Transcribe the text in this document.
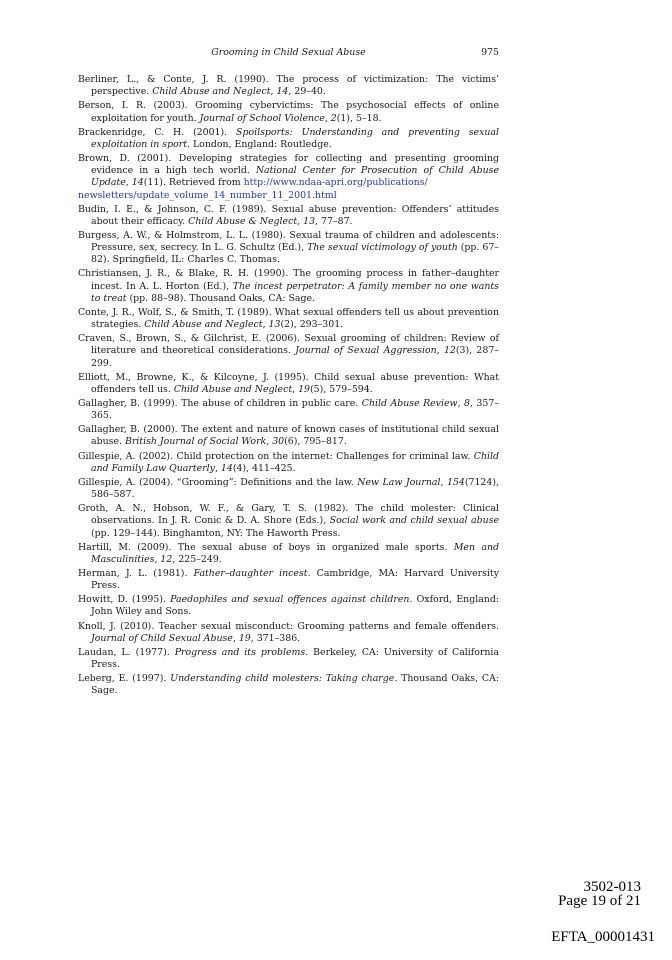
Grooming in Child Sexual Abuse	975

Berliner, L., & Conte, J. R. (1990). The process of victimization: The victims’ perspective. Child Abuse and Neglect, 14, 29–40.

Berson, I. R. (2003). Grooming cybervictims: The psychosocial effects of online exploitation for youth. Journal of School Violence, 2(1), 5–18.

Brackenridge, C. H. (2001). Spoilsports: Understanding and preventing sexual exploitation in sport. London, England: Routledge.

Brown, D. (2001). Developing strategies for collecting and presenting grooming evidence in a high tech world. National Center for Prosecution of Child Abuse Update, 14(11). Retrieved from http://www.ndaa-apri.org/publications/
newsletters/update_volume_14_number_11_2001.html

Budin, I. E., & Johnson, C. F. (1989). Sexual abuse prevention: Offenders’ attitudes about their efficacy. Child Abuse & Neglect, 13, 77–87.

Burgess, A. W., & Holmstrom, L. L. (1980). Sexual trauma of children and adolescents: Pressure, sex, secrecy. In L. G. Schultz (Ed.), The sexual victimology of youth (pp. 67–82). Springfield, IL: Charles C. Thomas.

Christiansen, J. R., & Blake, R. H. (1990). The grooming process in father–daughter incest. In A. L. Horton (Ed.), The incest perpetrator: A family member no one wants to treat (pp. 88–98). Thousand Oaks, CA: Sage.

Conte, J. R., Wolf, S., & Smith, T. (1989). What sexual offenders tell us about prevention strategies. Child Abuse and Neglect, 13(2), 293–301.

Craven, S., Brown, S., & Gilchrist, E. (2006). Sexual grooming of children: Review of literature and theoretical considerations. Journal of Sexual Aggression, 12(3), 287–299.

Elliott, M., Browne, K., & Kilcoyne, J. (1995). Child sexual abuse prevention: What offenders tell us. Child Abuse and Neglect, 19(5), 579–594.

Gallagher, B. (1999). The abuse of children in public care. Child Abuse Review, 8, 357–365.

Gallagher, B. (2000). The extent and nature of known cases of institutional child sexual abuse. British Journal of Social Work, 30(6), 795–817.

Gillespie, A. (2002). Child protection on the internet: Challenges for criminal law. Child and Family Law Quarterly, 14(4), 411–425.

Gillespie, A. (2004). “Grooming”: Definitions and the law. New Law Journal, 154(7124), 586–587.

Groth, A. N., Hobson, W. F., & Gary, T. S. (1982). The child molester: Clinical observations. In J. R. Conic & D. A. Shore (Eds.), Social work and child sexual abuse (pp. 129–144). Binghamton, NY: The Haworth Press.

Hartill, M. (2009). The sexual abuse of boys in organized male sports. Men and Masculinities, 12, 225–249.

Herman, J. L. (1981). Father–daughter incest. Cambridge, MA: Harvard University Press.

Howitt, D. (1995). Paedophiles and sexual offences against children. Oxford, England: John Wiley and Sons.

Knoll, J. (2010). Teacher sexual misconduct: Grooming patterns and female offenders. Journal of Child Sexual Abuse, 19, 371–386.

Laudan, L. (1977). Progress and its problems. Berkeley, CA: University of California Press.

Leberg, E. (1997). Understanding child molesters: Taking charge. Thousand Oaks, CA: Sage.

3502-013
Page 19 of 21
EFTA_00001431
